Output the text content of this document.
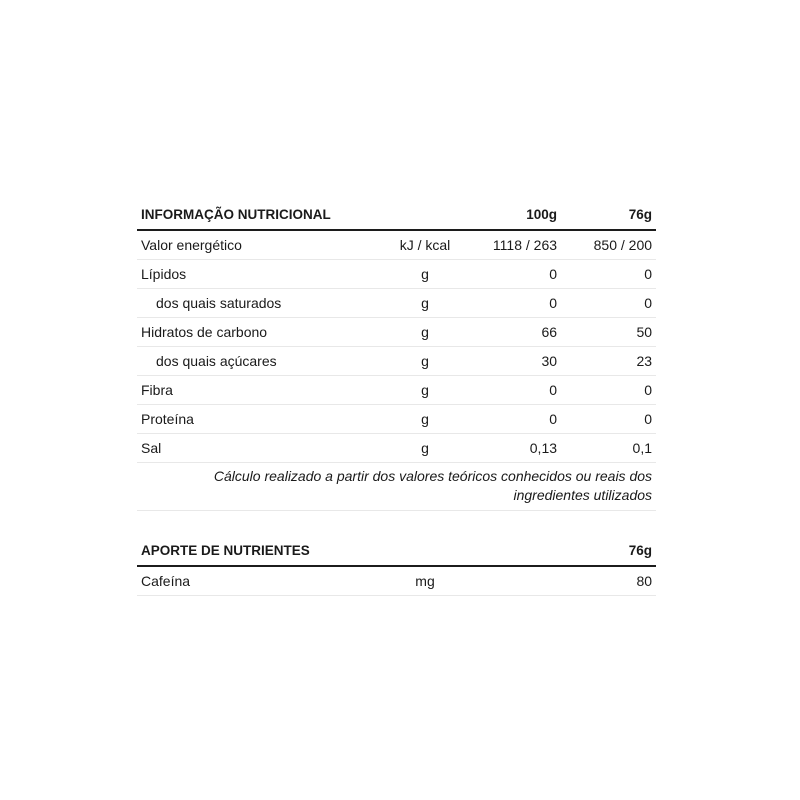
INFORMAÇÃO NUTRICIONAL		100g	76g
Valor energético	kJ / kcal	1118 / 263	850 / 200
Lípidos	g	0	0
dos quais saturados	g	0	0
Hidratos de carbono	g	66	50
dos quais açúcares	g	30	23
Fibra	g	0	0
Proteína	g	0	0
Sal	g	0,13	0,1
Cálculo realizado a partir dos valores teóricos conhecidos ou reais dos ingredientes utilizados			
APORTE DE NUTRIENTES			76g
Cafeína	mg		80
